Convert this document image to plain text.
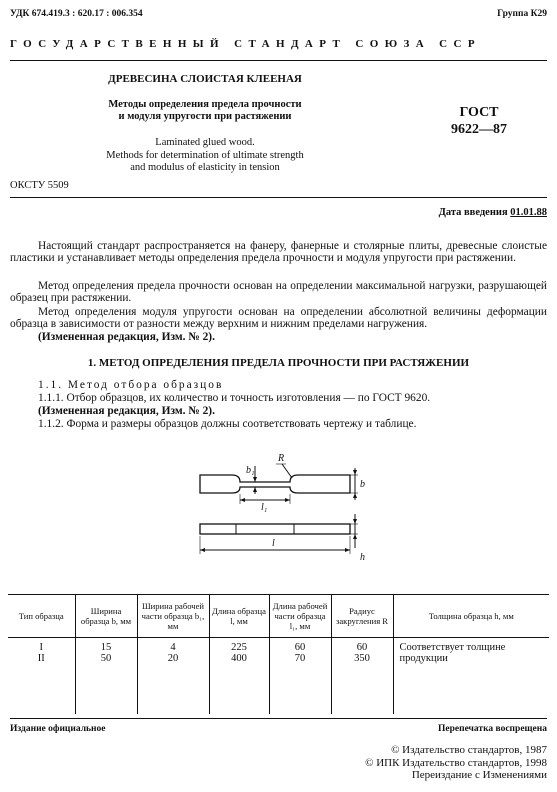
УДК 674.419.3 : 620.17 : 006.354	Группа К29
ГОСУДАРСТВЕННЫЙ СТАНДАРТ СОЮЗА ССР
ДРЕВЕСИНА СЛОИСТАЯ КЛЕЕНАЯ
Методы определения предела прочности
и модуля упругости при растяжении
Laminated glued wood.
Methods for determination of ultimate strength
and modulus of elasticity in tension
ГОСТ
9622—87
ОКСТУ 5509
Дата введения 01.01.88

Настоящий стандарт распространяется на фанеру, фанерные и столярные плиты, древесные слоистые пластики и устанавливает методы определения предела прочности и модуля упругости при растяжении.

Метод определения предела прочности основан на определении максимальной нагрузки, разрушающей образец при растяжении.

Метод определения модуля упругости основан на определении абсолютной величины деформации образца в зависимости от разности между верхним и нижним пределами нагружения.

(Измененная редакция, Изм. № 2).

1. МЕТОД ОПРЕДЕЛЕНИЯ ПРЕДЕЛА ПРОЧНОСТИ ПРИ РАСТЯЖЕНИИ

1.1. Метод отбора образцов

1.1.1. Отбор образцов, их количество и точность изготовления — по ГОСТ 9620.

(Измененная редакция, Изм. № 2).

1.1.2. Форма и размеры образцов должны соответствовать чертежу и таблице.

b₁
R
b
l₁
l
h
Тип образца	Ширина образца b, мм	Ширина рабочей части образца b₁, мм	Длина образца l, мм	Длина рабочей части образца l₁, мм	Радиус закругления R	Толщина образца h, мм
I	15	4	225	60	60	Соответствует толщине продукции
II	50	20	400	70	350	
Издание официальное	Перепечатка воспрещена
© Издательство стандартов, 1987
© ИПК Издательство стандартов, 1998
Переиздание с Изменениями
